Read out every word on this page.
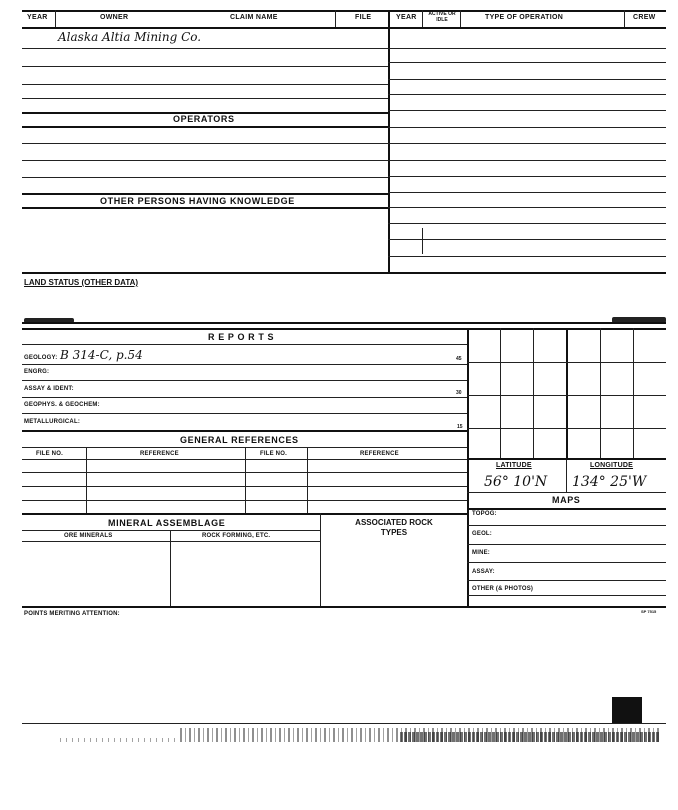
YEAR	OWNER	CLAIM NAME	FILE	YEAR	ACTIVE OR IDLE	TYPE OF OPERATION	CREW
Alaska Altia Mining Co.
OPERATORS
OTHER PERSONS HAVING KNOWLEDGE
LAND STATUS (OTHER DATA)
R E P O R T S
GEOLOGY: B 314-C, p.54	45
ENGRG:
ASSAY & IDENT:
30
GEOPHYS. & GEOCHEM:
METALLURGICAL:
15
GENERAL REFERENCES
FILE NO.	REFERENCE	FILE NO.	REFERENCE
LATITUDE	LONGITUDE
56° 10'N 134° 25'W
MAPS
TOPOG:
GEOL:
MINE:
ASSAY:
OTHER (& PHOTOS)
MINERAL ASSEMBLAGE	ASSOCIATED ROCK TYPES
ORE MINERALS	ROCK FORMING, ETC.
POINTS MERITING ATTENTION:	SP 7515
